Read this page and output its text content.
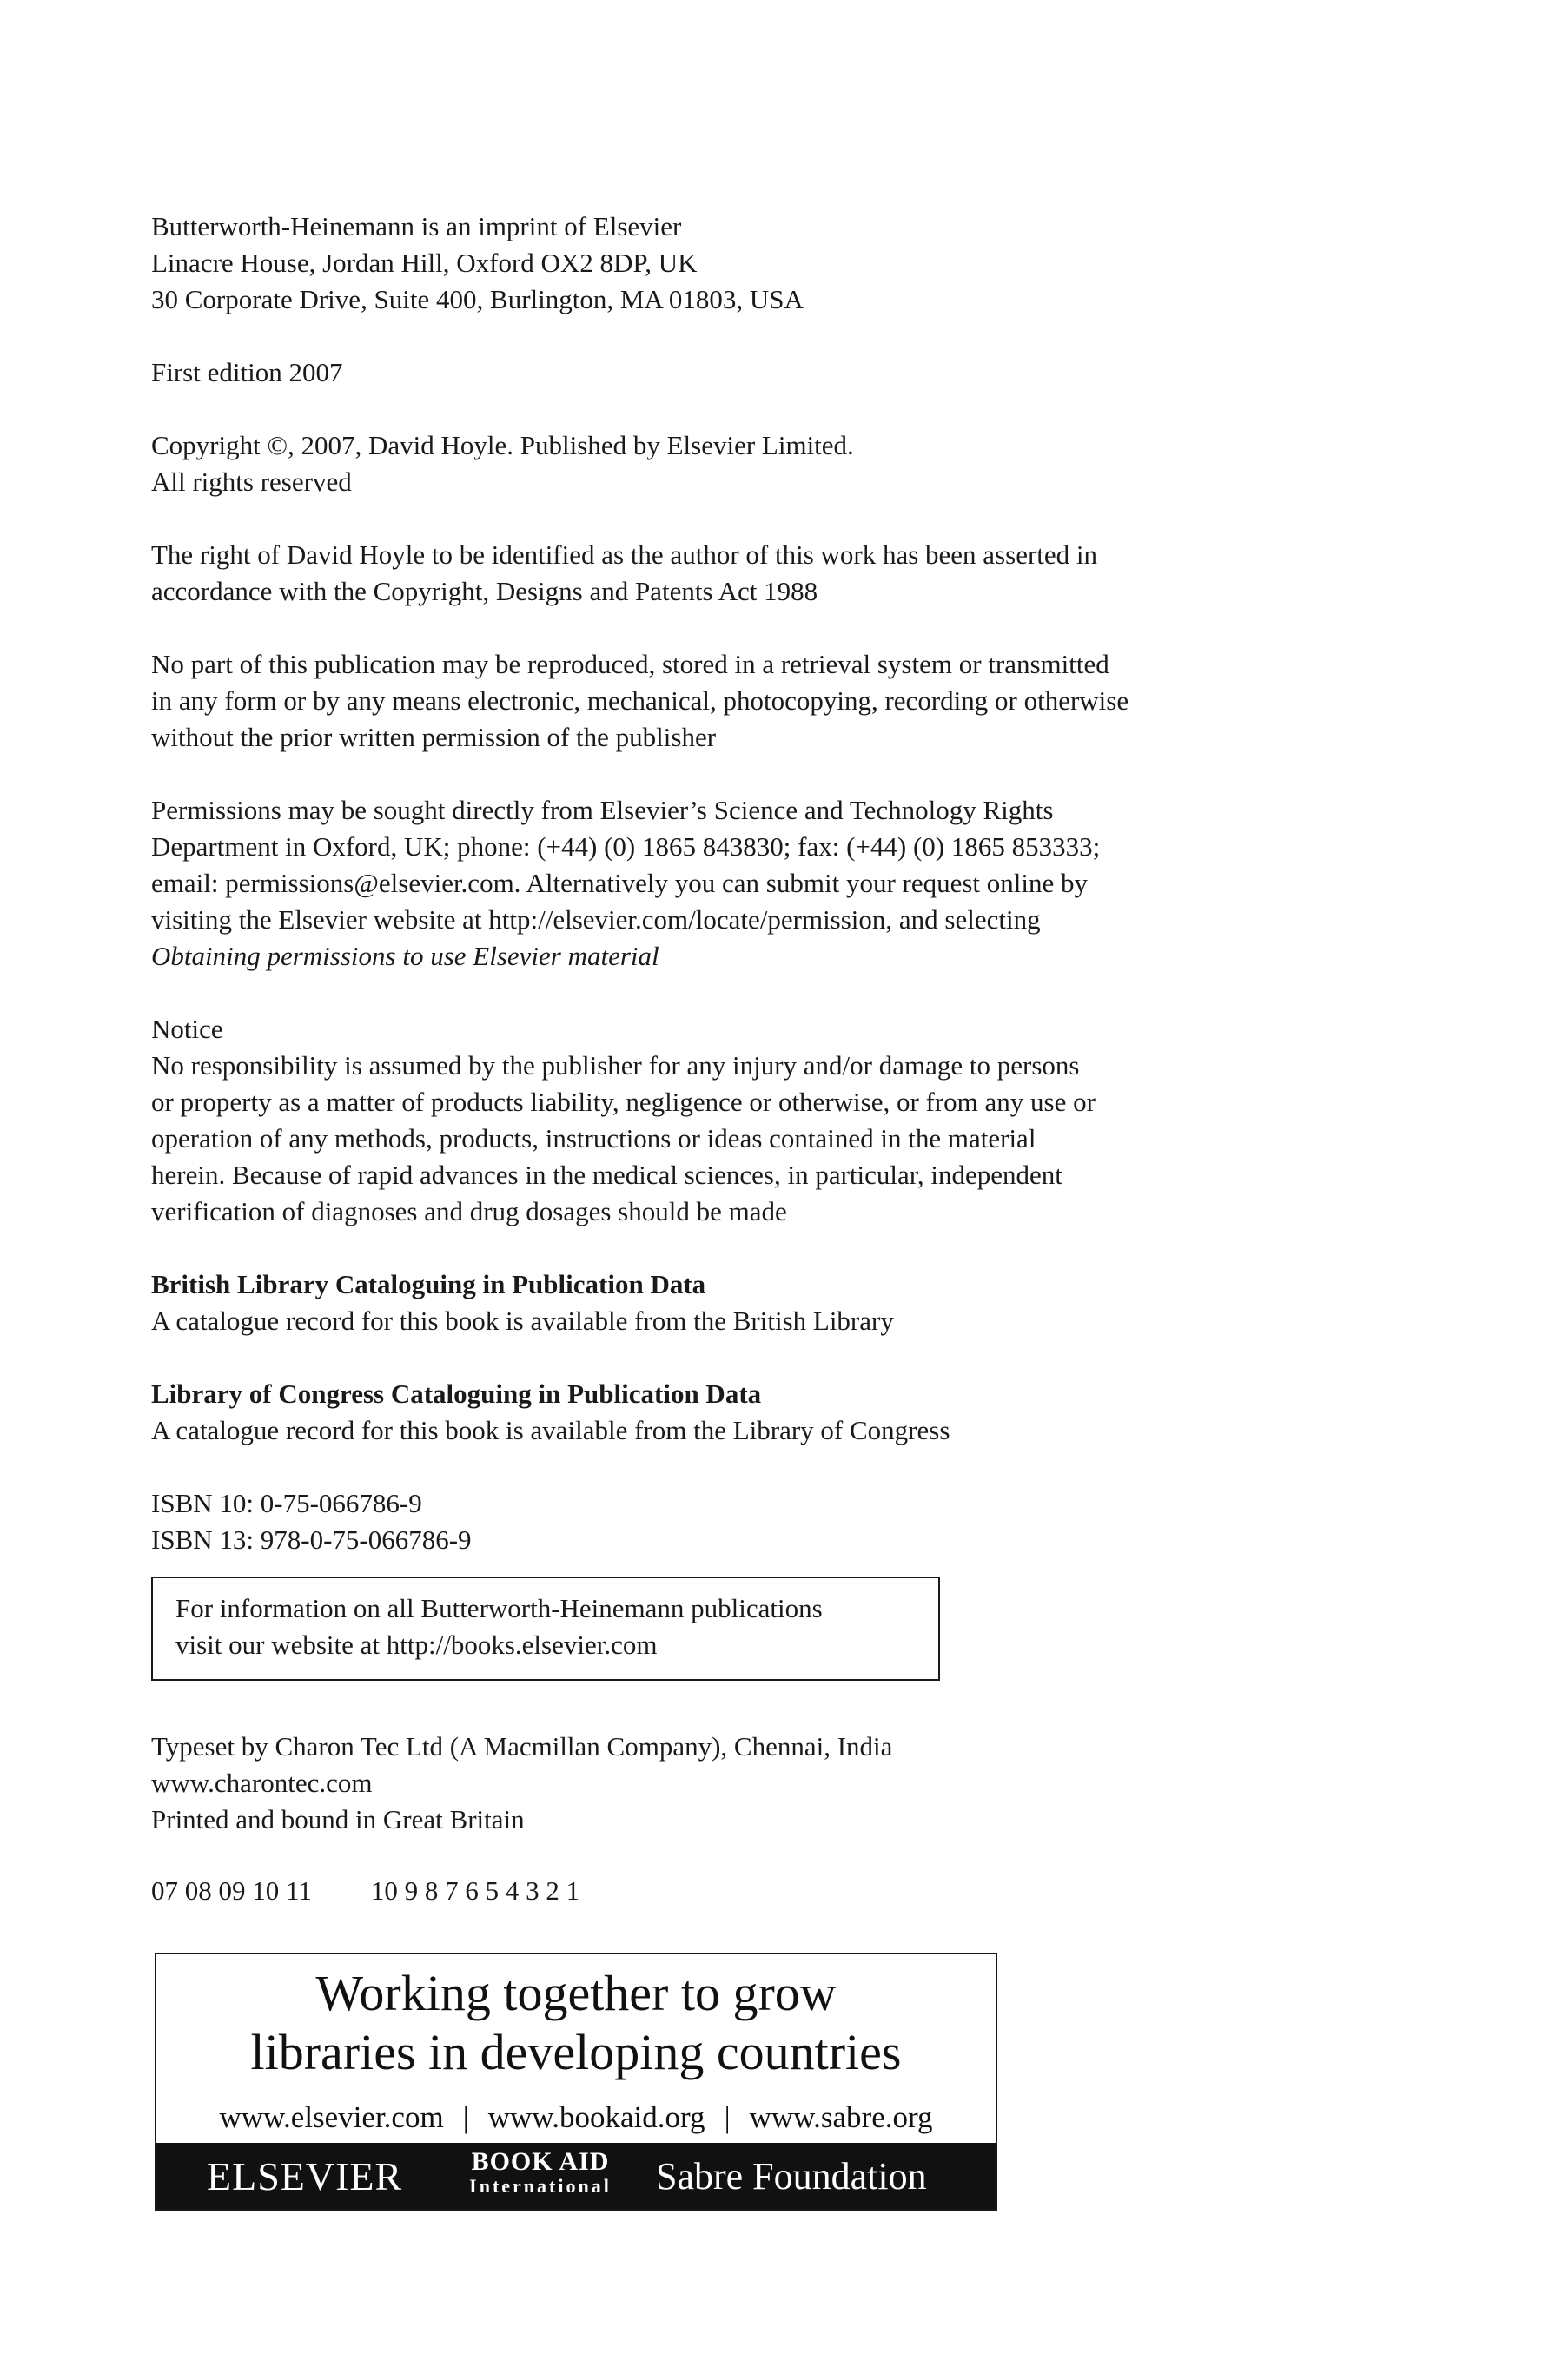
Butterworth-Heinemann is an imprint of Elsevier
Linacre House, Jordan Hill, Oxford OX2 8DP, UK
30 Corporate Drive, Suite 400, Burlington, MA 01803, USA
First edition 2007
Copyright ©, 2007, David Hoyle. Published by Elsevier Limited.
All rights reserved
The right of David Hoyle to be identified as the author of this work has been asserted in
accordance with the Copyright, Designs and Patents Act 1988
No part of this publication may be reproduced, stored in a retrieval system or transmitted
in any form or by any means electronic, mechanical, photocopying, recording or otherwise
without the prior written permission of the publisher
Permissions may be sought directly from Elsevier’s Science and Technology Rights
Department in Oxford, UK; phone: (+44) (0) 1865 843830; fax: (+44) (0) 1865 853333;
email: permissions@elsevier.com. Alternatively you can submit your request online by
visiting the Elsevier website at http://elsevier.com/locate/permission, and selecting
Obtaining permissions to use Elsevier material
Notice
No responsibility is assumed by the publisher for any injury and/or damage to persons
or property as a matter of products liability, negligence or otherwise, or from any use or
operation of any methods, products, instructions or ideas contained in the material
herein. Because of rapid advances in the medical sciences, in particular, independent
verification of diagnoses and drug dosages should be made
British Library Cataloguing in Publication Data
A catalogue record for this book is available from the British Library
Library of Congress Cataloguing in Publication Data
A catalogue record for this book is available from the Library of Congress
ISBN 10: 0-75-066786-9
ISBN 13: 978-0-75-066786-9
For information on all Butterworth-Heinemann publications
visit our website at http://books.elsevier.com
Typeset by Charon Tec Ltd (A Macmillan Company), Chennai, India
www.charontec.com
Printed and bound in Great Britain
07 08 09 10 11 10 9 8 7 6 5 4 3 2 1
Working together to grow
libraries in developing countries
www.elsevier.com | www.bookaid.org | www.sabre.org
ELSEVIER	BOOK AID
International Sabre Foundation
